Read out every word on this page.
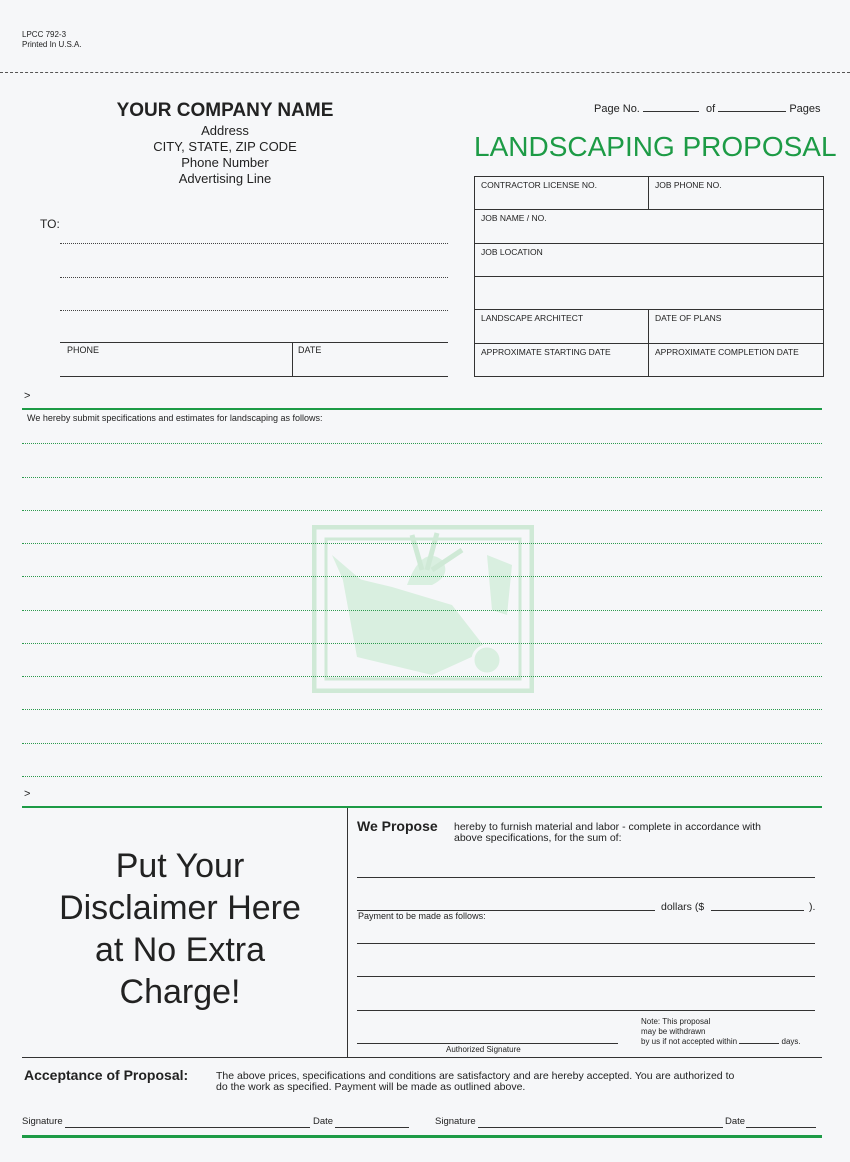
LPCC 792-3
Printed In U.S.A.
YOUR COMPANY NAME
Address
CITY, STATE, ZIP CODE
Phone Number
Advertising Line
Page No.	of	Pages
LANDSCAPING PROPOSAL
TO:
PHONE	DATE
CONTRACTOR LICENSE NO.	JOB PHONE NO.
JOB NAME / NO.
JOB LOCATION
LANDSCAPE ARCHITECT	DATE OF PLANS
APPROXIMATE STARTING DATE	APPROXIMATE COMPLETION DATE
>
We hereby submit specifications and estimates for landscaping as follows:
>
Put Your
Disclaimer Here
at No Extra
Charge!
We Propose hereby to furnish material and labor - complete in accordance with
above specifications, for the sum of:
dollars ($	).
Payment to be made as follows:
Authorized Signature
Note: This proposal
may be withdrawn
by us if not accepted within	days.
Acceptance of Proposal:	The above prices, specifications and conditions are satisfactory and are hereby accepted. You are authorized to
do the work as specified. Payment will be made as outlined above.
Signature	Date	Signature	Date
